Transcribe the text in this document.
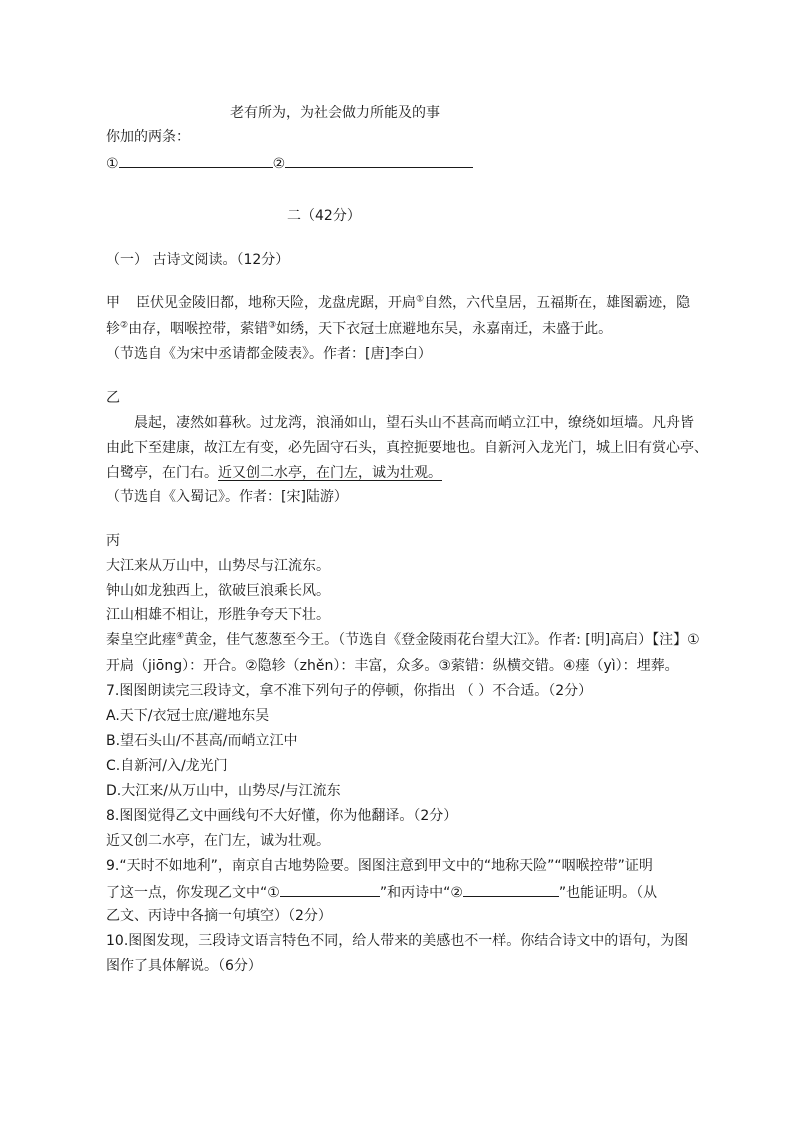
老有所为，为社会做力所能及的事
你加的两条：
①	②
二（42分）
（一） 古诗文阅读。（12分）
甲 臣伏见金陵旧都，地称天险，龙盘虎踞，开扃①自然，六代皇居，五福斯在，雄图霸迹，隐
轸②由存，咽喉控带，萦错③如绣，天下衣冠士庶避地东吴，永嘉南迁，未盛于此。
（节选自《为宋中丞请都金陵表》。作者：[唐]李白）
乙
晨起，凄然如暮秋。过龙湾，浪涌如山，望石头山不甚高而峭立江中，缭绕如垣墙。凡舟皆
由此下至建康，故江左有变，必先固守石头，真控扼要地也。自新河入龙光门，城上旧有赏心亭、
白鹭亭，在门右。近又创二水亭，在门左，诚为壮观。
（节选自《入蜀记》。作者：[宋]陆游）
丙
大江来从万山中，山势尽与江流东。
钟山如龙独西上，欲破巨浪乘长风。
江山相雄不相让，形胜争夸天下壮。
秦皇空此瘗④黄金，佳气葱葱至今王。（节选自《登金陵雨花台望大江》。作者: [明]高启）【注】①
开扃（jiōng）：开合。②隐轸（zhěn）：丰富，众多。③萦错：纵横交错。④瘗（yì）：埋葬。
7.图图朗读完三段诗文，拿不准下列句子的停顿，你指出 （ ）不合适。（2分）
A.天下/衣冠士庶/避地东吴
B.望石头山/不甚高/而峭立江中
C.自新河/入/龙光门
D.大江来/从万山中，山势尽/与江流东
8.图图觉得乙文中画线句不大好懂，你为他翻译。（2分）
近又创二水亭，在门左，诚为壮观。
9.“天时不如地利”，南京自古地势险要。图图注意到甲文中的“地称天险”“咽喉控带”证明
了这一点，你发现乙文中“①	”和丙诗中“②	”也能证明。（从
乙文、丙诗中各摘一句填空）（2分）
10.图图发现，三段诗文语言特色不同，给人带来的美感也不一样。你结合诗文中的语句，为图
图作了具体解说。（6分）
